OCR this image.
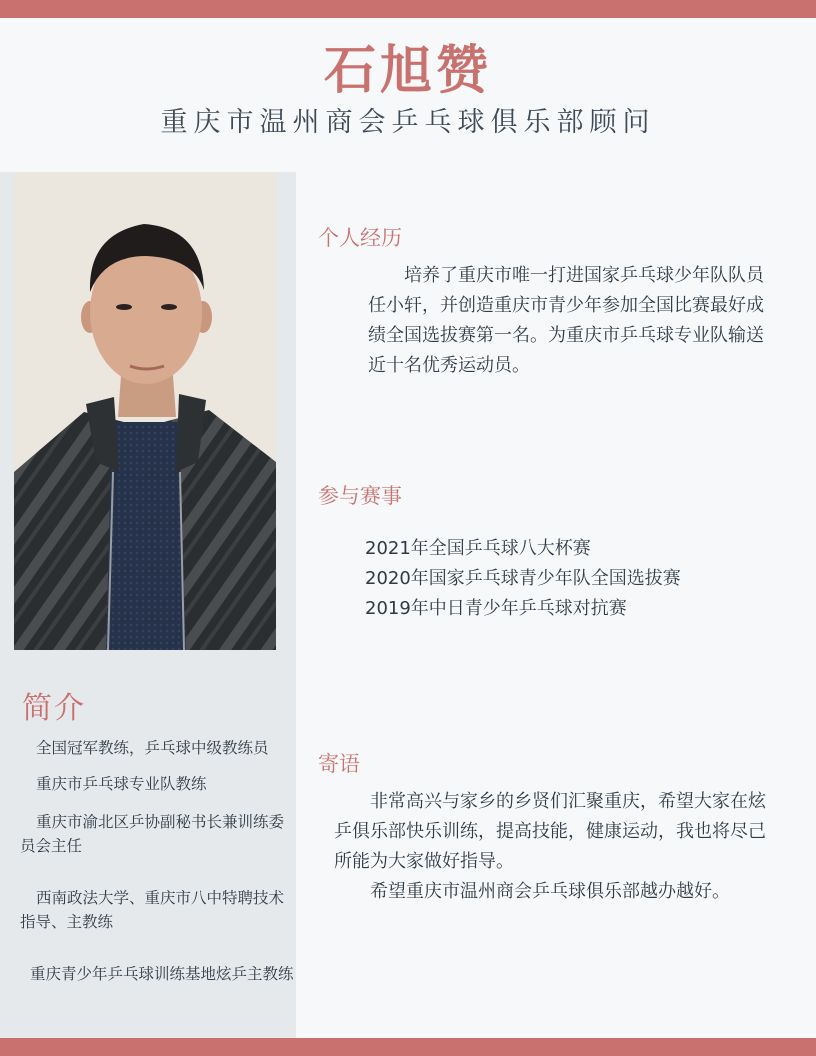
石旭赞
重庆市温州商会乒乓球俱乐部顾问
个人经历
培养了重庆市唯一打进国家乒乓球少年队队员任小轩，并创造重庆市青少年参加全国比赛最好成绩全国选拔赛第一名。为重庆市乒乓球专业队输送近十名优秀运动员。
参与赛事
2021年全国乒乓球八大杯赛
2020年国家乒乓球青少年队全国选拔赛
2019年中日青少年乒乓球对抗赛
寄语
非常高兴与家乡的乡贤们汇聚重庆，希望大家在炫乒俱乐部快乐训练，提高技能，健康运动，我也将尽己所能为大家做好指导。
希望重庆市温州商会乒乓球俱乐部越办越好。
简介
全国冠军教练，乒乓球中级教练员
重庆市乒乓球专业队教练
重庆市渝北区乒协副秘书长兼训练委员会主任
西南政法大学、重庆市八中特聘技术指导、主教练
重庆青少年乒乓球训练基地炫乒主教练
